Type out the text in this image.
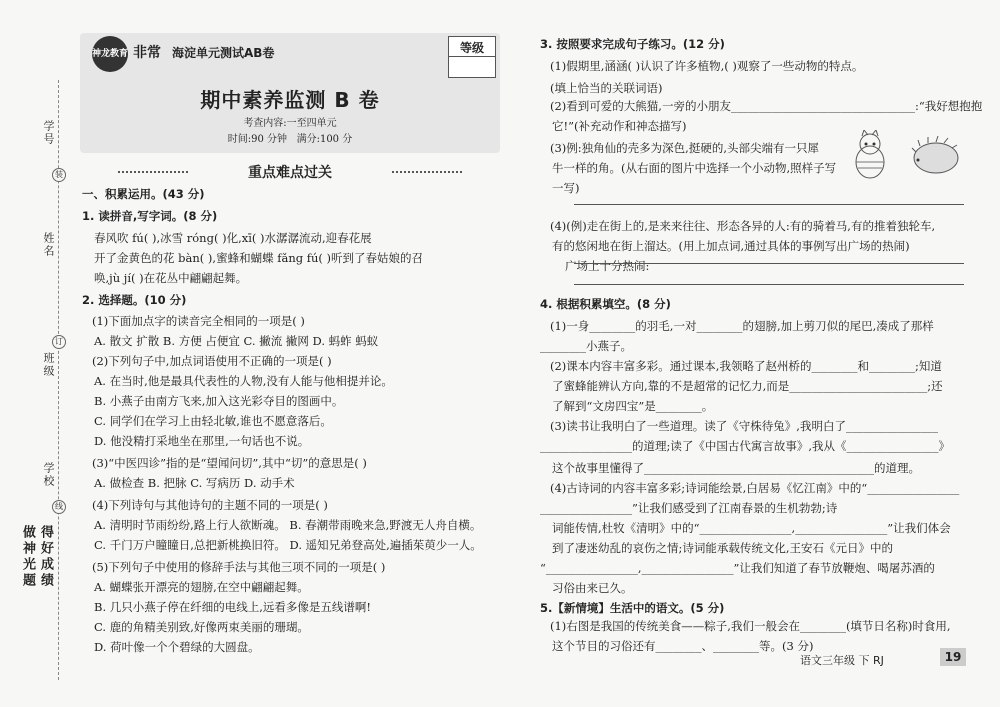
学号
装
姓名
订
班级
学校
线
做神光题 得好成绩
神龙教育 非常 海淀单元测试AB卷	等级
期中素养监测 B 卷
考查内容:一至四单元
时间:90 分钟 满分:100 分
重点难点过关
一、积累运用。(43 分)
1. 读拼音,写字词。(8 分)
春风吹 fú( ),冰雪 róng( )化,xī( )水潺潺流动,迎春花展
开了金黄色的花 bàn( ),蜜蜂和蝴蝶 fǎng fú( )听到了春姑娘的召
唤,jù jí( )在花丛中翩翩起舞。
2. 选择题。(10 分)
(1)下面加点字的读音完全相同的一项是( )
A. 散文 扩散 B. 方便 占便宜 C. 撇流 撇网 D. 蚂蚱 蚂蚁
(2)下列句子中,加点词语使用不正确的一项是( )
A. 在当时,他是最具代表性的人物,没有人能与他相提并论。
B. 小燕子由南方飞来,加入这光彩夺目的图画中。
C. 同学们在学习上由轻北敏,谁也不愿意落后。
D. 他没精打采地坐在那里,一句话也不说。
(3)“中医四诊”指的是“望闻问切”,其中“切”的意思是( )
A. 做检查 B. 把脉 C. 写病历 D. 动手术
(4)下列诗句与其他诗句的主题不同的一项是( )
A. 清明时节雨纷纷,路上行人欲断魂。 B. 春潮带雨晚来急,野渡无人舟自横。
C. 千门万户瞳瞳日,总把新桃换旧符。 D. 遥知兄弟登高处,遍插茱萸少一人。
(5)下列句子中使用的修辞手法与其他三项不同的一项是( )
A. 蝴蝶张开漂亮的翅膀,在空中翩翩起舞。
B. 几只小燕子停在纤细的电线上,远看多像是五线谱啊!
C. 鹿的角精美别致,好像两束美丽的珊瑚。
D. 荷叶像一个个碧绿的大圆盘。
3. 按照要求完成句子练习。(12 分)
(1)假期里,涵涵( )认识了许多植物,( )观察了一些动物的特点。
(填上恰当的关联词语)
(2)看到可爱的大熊猫,一旁的小朋友________________________________:“我好想抱抱
它!”(补充动作和神态描写)
(3)例:独角仙的壳多为深色,挺硬的,头部尖端有一只犀
牛一样的角。(从右面的图片中选择一个小动物,照样子写
一写)
(4)(例)走在街上的,是来来往往、形态各异的人:有的骑着马,有的推着独轮车,
有的悠闲地在街上溜达。(用上加点词,通过具体的事例写出广场的热闹)
广场上十分热闹:
4. 根据积累填空。(8 分)
(1)一身________的羽毛,一对________的翅膀,加上剪刀似的尾巴,凑成了那样
________小燕子。
(2)课本内容丰富多彩。通过课本,我领略了赵州桥的________和________;知道
了蜜蜂能辨认方向,靠的不是超常的记忆力,而是________________________;还
了解到“文房四宝”是________。
(3)读书让我明白了一些道理。读了《守株待兔》,我明白了________________
________________的道理;读了《中国古代寓言故事》,我从《________________》
这个故事里懂得了________________________________________的道理。
(4)古诗词的内容丰富多彩;诗词能绘景,白居易《忆江南》中的“________________
________________”让我们感受到了江南春景的生机勃勃;诗
词能传情,杜牧《清明》中的“________________,________________”让我们体会
到了凄迷幼乱的哀伤之情;诗词能承载传统文化,王安石《元日》中的
“________________,________________”让我们知道了春节放鞭炮、喝屠苏酒的
习俗由来已久。
5.【新情境】生活中的语文。(5 分)
(1)右图是我国的传统美食——粽子,我们一般会在________(填节日名称)时食用,
这个节目的习俗还有________、________等。(3 分)
语文三年级 下 RJ	19
